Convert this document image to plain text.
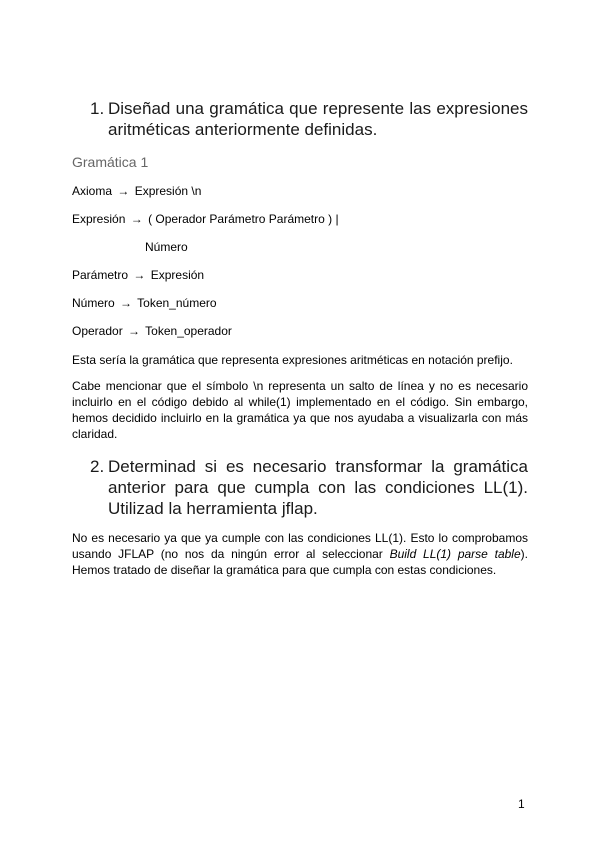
1. Diseñad una gramática que represente las expresiones aritméticas anteriormente definidas.
Gramática 1
Axioma → Expresión \n
Expresión → ( Operador Parámetro Parámetro ) |
Número
Parámetro → Expresión
Número → Token_número
Operador → Token_operador
Esta sería la gramática que representa expresiones aritméticas en notación prefijo.
Cabe mencionar que el símbolo \n representa un salto de línea y no es necesario incluirlo en el código debido al while(1) implementado en el código. Sin embargo, hemos decidido incluirlo en la gramática ya que nos ayudaba a visualizarla con más claridad.
2. Determinad si es necesario transformar la gramática anterior para que cumpla con las condiciones LL(1). Utilizad la herramienta jflap.
No es necesario ya que ya cumple con las condiciones LL(1). Esto lo comprobamos usando JFLAP (no nos da ningún error al seleccionar Build LL(1) parse table). Hemos tratado de diseñar la gramática para que cumpla con estas condiciones.
1
